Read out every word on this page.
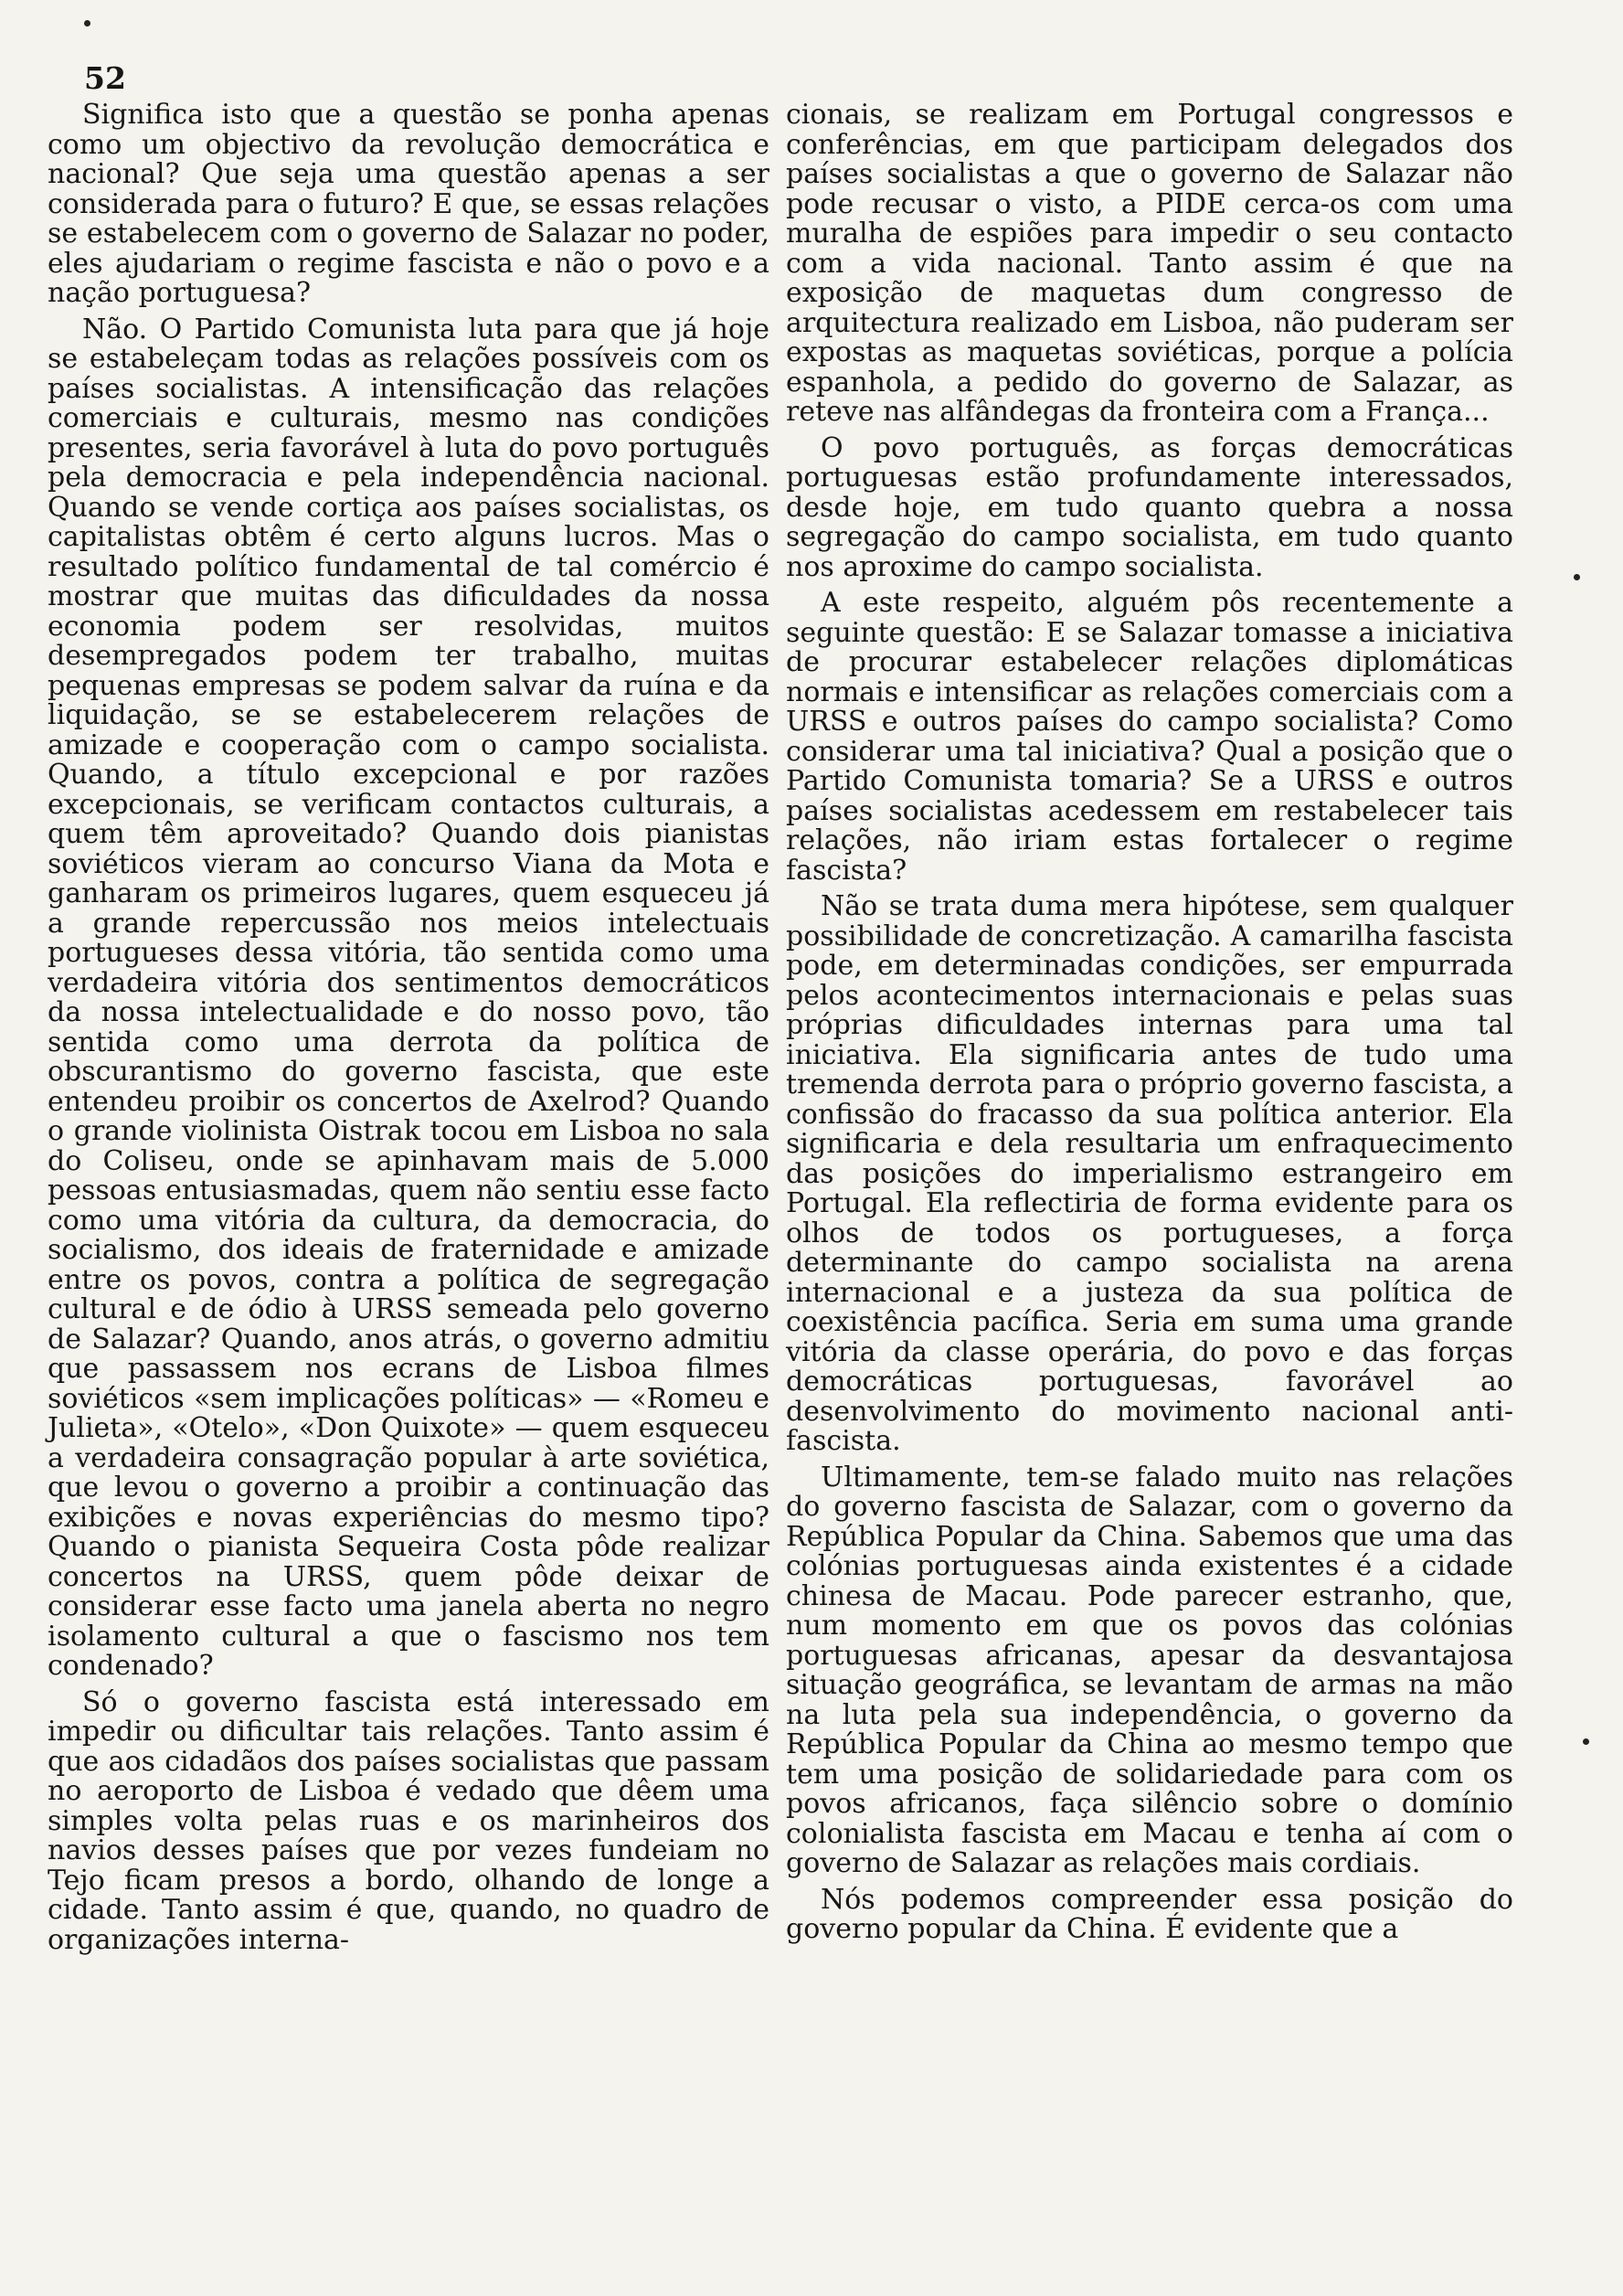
52

Significa isto que a questão se ponha apenas como um objectivo da revolução democrática e nacional? Que seja uma questão apenas a ser considerada para o futuro? E que, se essas relações se estabelecem com o governo de Salazar no poder, eles ajudariam o regime fascista e não o povo e a nação portuguesa?

Não. O Partido Comunista luta para que já hoje se estabeleçam todas as relações possíveis com os países socialistas. A intensificação das relações comerciais e culturais, mesmo nas condições presentes, seria favorável à luta do povo português pela democracia e pela independência nacional. Quando se vende cortiça aos países socialistas, os capitalistas obtêm é certo alguns lucros. Mas o resultado político fundamental de tal comércio é mostrar que muitas das dificuldades da nossa economia podem ser resolvidas, muitos desempregados podem ter trabalho, muitas pequenas empresas se podem salvar da ruína e da liquidação, se se estabelecerem relações de amizade e cooperação com o campo socialista. Quando, a título excepcional e por razões excepcionais, se verificam contactos culturais, a quem têm aproveitado? Quando dois pianistas soviéticos vieram ao concurso Viana da Mota e ganharam os primeiros lugares, quem esqueceu já a grande repercussão nos meios intelectuais portugueses dessa vitória, tão sentida como uma verdadeira vitória dos sentimentos democráticos da nossa intelectualidade e do nosso povo, tão sentida como uma derrota da política de obscurantismo do governo fascista, que este entendeu proibir os concertos de Axelrod? Quando o grande violinista Oistrak tocou em Lisboa no sala do Coliseu, onde se apinhavam mais de 5.000 pessoas entusiasmadas, quem não sentiu esse facto como uma vitória da cultura, da democracia, do socialismo, dos ideais de fraternidade e amizade entre os povos, contra a política de segregação cultural e de ódio à URSS semeada pelo governo de Salazar? Quando, anos atrás, o governo admitiu que passassem nos ecrans de Lisboa filmes soviéticos «sem implicações políticas» — «Romeu e Julieta», «Otelo», «Don Quixote» — quem esqueceu a verdadeira consagração popular à arte soviética, que levou o governo a proibir a continuação das exibições e novas experiências do mesmo tipo? Quando o pianista Sequeira Costa pôde realizar concertos na URSS, quem pôde deixar de considerar esse facto uma janela aberta no negro isolamento cultural a que o fascismo nos tem condenado?

Só o governo fascista está interessado em impedir ou dificultar tais relações. Tanto assim é que aos cidadãos dos países socialistas que passam no aeroporto de Lisboa é vedado que dêem uma simples volta pelas ruas e os marinheiros dos navios desses países que por vezes fundeiam no Tejo ficam presos a bordo, olhando de longe a cidade. Tanto assim é que, quando, no quadro de organizações interna-

cionais, se realizam em Portugal congressos e conferências, em que participam delegados dos países socialistas a que o governo de Salazar não pode recusar o visto, a PIDE cerca-os com uma muralha de espiões para impedir o seu contacto com a vida nacional. Tanto assim é que na exposição de maquetas dum congresso de arquitectura realizado em Lisboa, não puderam ser expostas as maquetas soviéticas, porque a polícia espanhola, a pedido do governo de Salazar, as reteve nas alfândegas da fronteira com a França...

O povo português, as forças democráticas portuguesas estão profundamente interessados, desde hoje, em tudo quanto quebra a nossa segregação do campo socialista, em tudo quanto nos aproxime do campo socialista.

A este respeito, alguém pôs recentemente a seguinte questão: E se Salazar tomasse a iniciativa de procurar estabelecer relações diplomáticas normais e intensificar as relações comerciais com a URSS e outros países do campo socialista? Como considerar uma tal iniciativa? Qual a posição que o Partido Comunista tomaria? Se a URSS e outros países socialistas acedessem em restabelecer tais relações, não iriam estas fortalecer o regime fascista?

Não se trata duma mera hipótese, sem qualquer possibilidade de concretização. A camarilha fascista pode, em determinadas condições, ser empurrada pelos acontecimentos internacionais e pelas suas próprias dificuldades internas para uma tal iniciativa. Ela significaria antes de tudo uma tremenda derrota para o próprio governo fascista, a confissão do fracasso da sua política anterior. Ela significaria e dela resultaria um enfraquecimento das posições do imperialismo estrangeiro em Portugal. Ela reflectiria de forma evidente para os olhos de todos os portugueses, a força determinante do campo socialista na arena internacional e a justeza da sua política de coexistência pacífica. Seria em suma uma grande vitória da classe operária, do povo e das forças democráticas portuguesas, favorável ao desenvolvimento do movimento nacional anti-fascista.

Ultimamente, tem-se falado muito nas relações do governo fascista de Salazar, com o governo da República Popular da China. Sabemos que uma das colónias portuguesas ainda existentes é a cidade chinesa de Macau. Pode parecer estranho, que, num momento em que os povos das colónias portuguesas africanas, apesar da desvantajosa situação geográfica, se levantam de armas na mão na luta pela sua independência, o governo da República Popular da China ao mesmo tempo que tem uma posição de solidariedade para com os povos africanos, faça silêncio sobre o domínio colonialista fascista em Macau e tenha aí com o governo de Salazar as relações mais cordiais.

Nós podemos compreender essa posição do governo popular da China. É evidente que a
